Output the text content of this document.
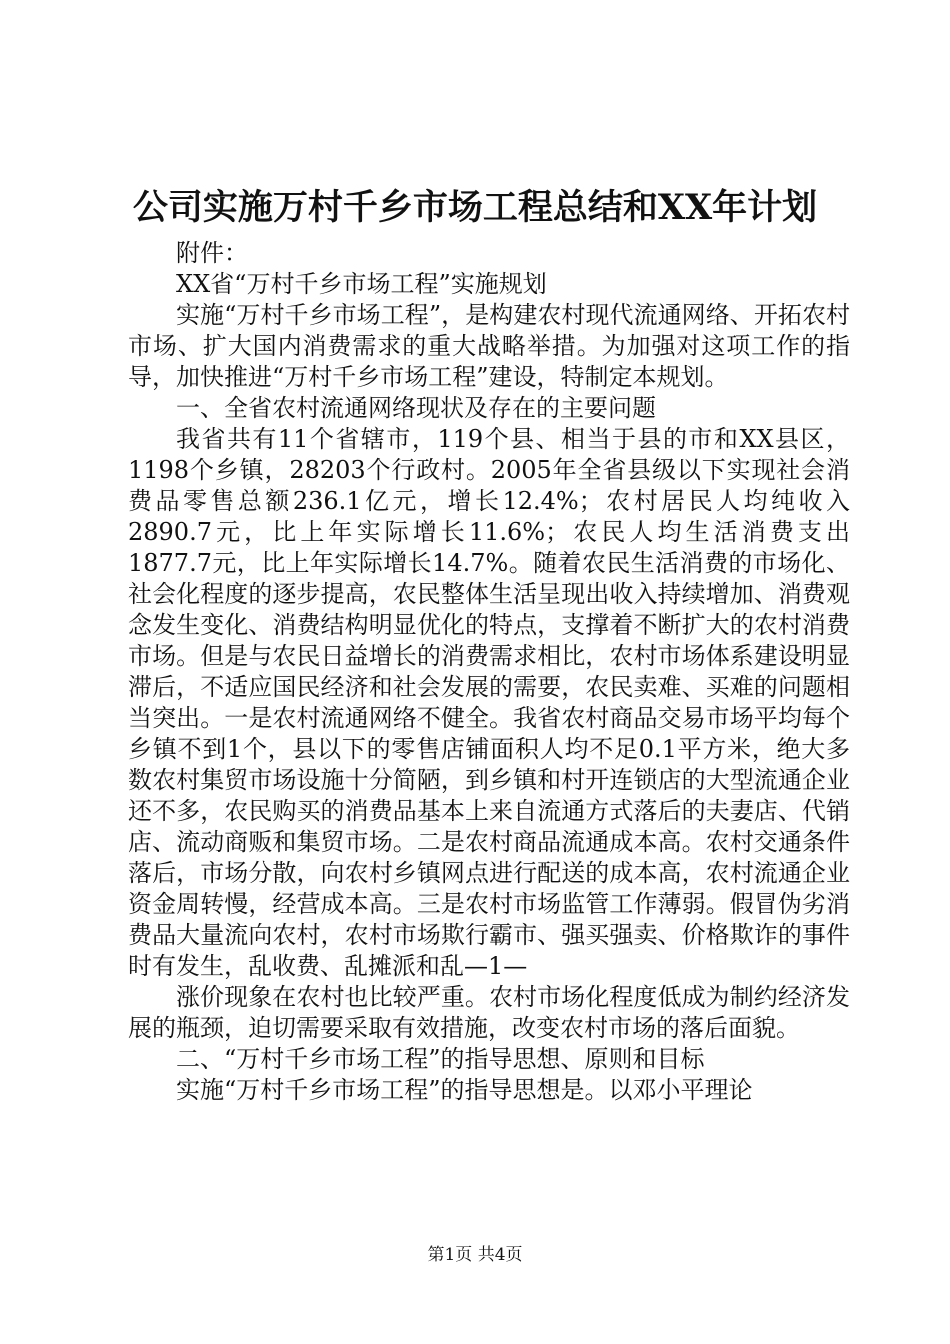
公司实施万村千乡市场工程总结和XX年计划

附件：

XX省“万村千乡市场工程”实施规划

实施“万村千乡市场工程”，是构建农村现代流通网络、开拓农村市场、扩大国内消费需求的重大战略举措。为加强对这项工作的指导，加快推进“万村千乡市场工程”建设，特制定本规划。

一、全省农村流通网络现状及存在的主要问题

我省共有11个省辖市，119个县、相当于县的市和XX县区，1198个乡镇，28203个行政村。2005年全省县级以下实现社会消费品零售总额236.1亿元，增长12.4%；农村居民人均纯收入2890.7元，比上年实际增长11.6%；农民人均生活消费支出1877.7元，比上年实际增长14.7%。随着农民生活消费的市场化、社会化程度的逐步提高，农民整体生活呈现出收入持续增加、消费观念发生变化、消费结构明显优化的特点，支撑着不断扩大的农村消费市场。但是与农民日益增长的消费需求相比，农村市场体系建设明显滞后，不适应国民经济和社会发展的需要，农民卖难、买难的问题相当突出。一是农村流通网络不健全。我省农村商品交易市场平均每个乡镇不到1个，县以下的零售店铺面积人均不足0.1平方米，绝大多数农村集贸市场设施十分简陋，到乡镇和村开连锁店的大型流通企业还不多，农民购买的消费品基本上来自流通方式落后的夫妻店、代销店、流动商贩和集贸市场。二是农村商品流通成本高。农村交通条件落后，市场分散，向农村乡镇网点进行配送的成本高，农村流通企业资金周转慢，经营成本高。三是农村市场监管工作薄弱。假冒伪劣消费品大量流向农村，农村市场欺行霸市、强买强卖、价格欺诈的事件时有发生，乱收费、乱摊派和乱—1—

涨价现象在农村也比较严重。农村市场化程度低成为制约经济发展的瓶颈，迫切需要采取有效措施，改变农村市场的落后面貌。

二、“万村千乡市场工程”的指导思想、原则和目标

实施“万村千乡市场工程”的指导思想是。以邓小平理论

第1页 共4页
